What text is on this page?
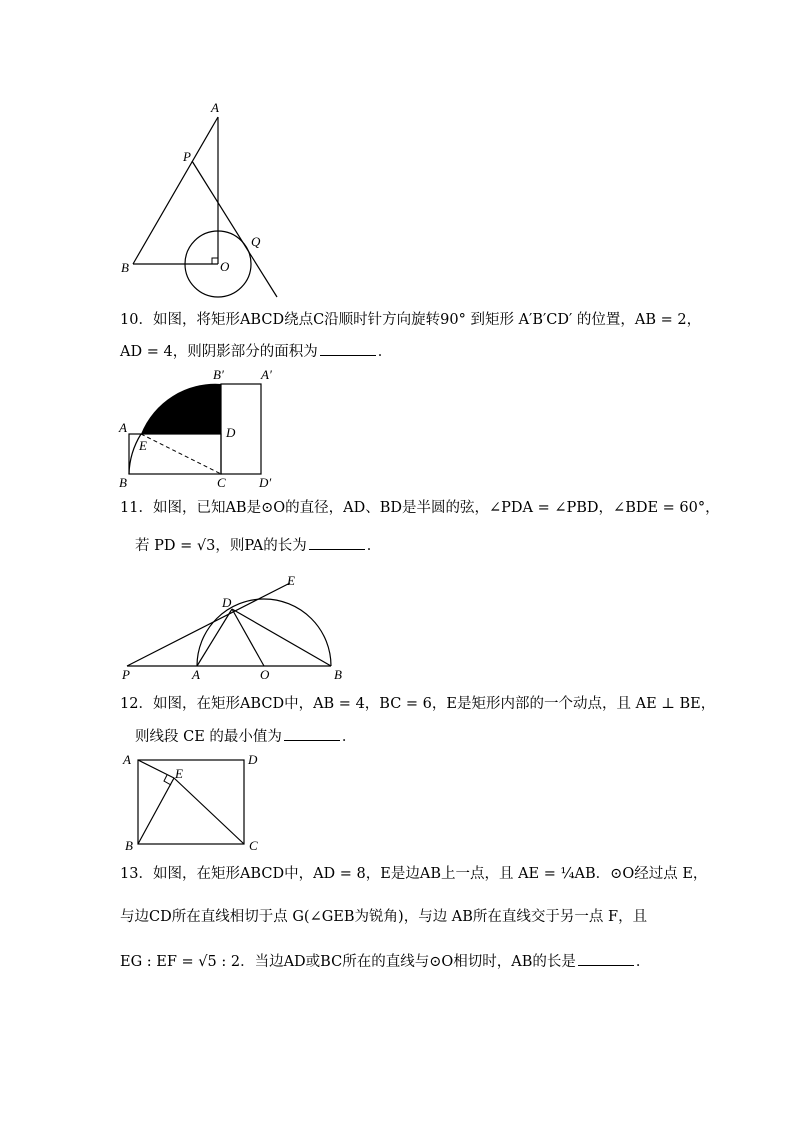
A
P
Q
B	O
10．如图，将矩形ABCD绕点C沿顺时针方向旋转90° 到矩形 A′B′CD′ 的位置，AB = 2，
AD = 4，则阴影部分的面积为	．
B′	A′
A
E
D
B	C	D′
11．如图，已知AB是⊙O的直径，AD、BD是半圆的弦，∠PDA = ∠PBD，∠BDE = 60°，
若 PD = √3，则PA的长为	．
E
D
P	A	O	B
12．如图，在矩形ABCD中，AB = 4，BC = 6，E是矩形内部的一个动点，且 AE ⊥ BE，
则线段 CE 的最小值为	．
A
E
D
B	C
13．如图，在矩形ABCD中，AD = 8，E是边AB上一点，且 AE = ¼AB．⊙O经过点 E，
与边CD所在直线相切于点 G(∠GEB为锐角)，与边 AB所在直线交于另一点 F，且
EG : EF = √5 : 2．当边AD或BC所在的直线与⊙O相切时，AB的长是	．
